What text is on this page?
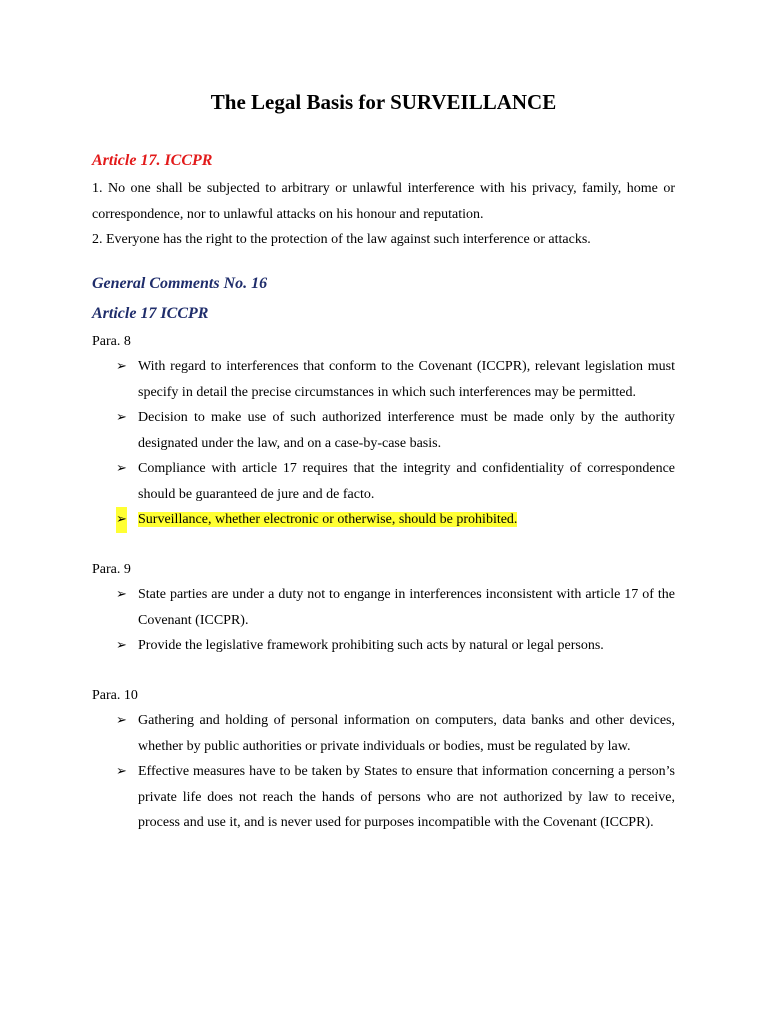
The Legal Basis for SURVEILLANCE
Article 17. ICCPR

1. No one shall be subjected to arbitrary or unlawful interference with his privacy, family, home or correspondence, nor to unlawful attacks on his honour and reputation.

2. Everyone has the right to the protection of the law against such interference or attacks.

General Comments No. 16
Article 17 ICCPR

Para. 8

➢ With regard to interferences that conform to the Covenant (ICCPR), relevant legislation must specify in detail the precise circumstances in which such interferences may be permitted.
➢ Decision to make use of such authorized interference must be made only by the authority designated under the law, and on a case-by-case basis.
➢ Compliance with article 17 requires that the integrity and confidentiality of correspondence should be guaranteed de jure and de facto.
➢ Surveillance, whether electronic or otherwise, should be prohibited.

Para. 9

➢ State parties are under a duty not to engange in interferences inconsistent with article 17 of the Covenant (ICCPR).
➢ Provide the legislative framework prohibiting such acts by natural or legal persons.

Para. 10

➢ Gathering and holding of personal information on computers, data banks and other devices, whether by public authorities or private individuals or bodies, must be regulated by law.
➢ Effective measures have to be taken by States to ensure that information concerning a person’s private life does not reach the hands of persons who are not authorized by law to receive, process and use it, and is never used for purposes incompatible with the Covenant (ICCPR).
